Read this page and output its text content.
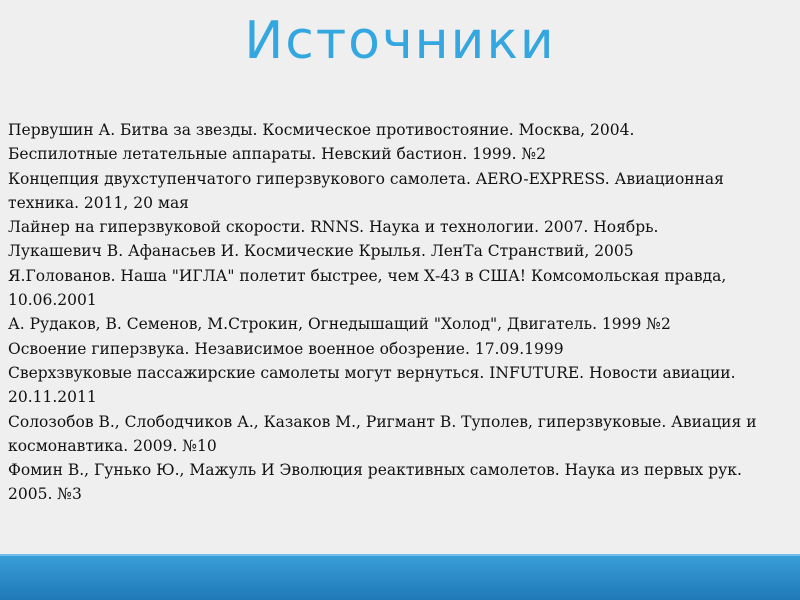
Источники
Первушин А. Битва за звезды. Космическое противостояние. Москва, 2004.
Беспилотные летательные аппараты. Невский бастион. 1999. №2
Концепция двухступенчатого гиперзвукового самолета. AERO-EXPRESS. Авиационная техника. 2011, 20 мая
Лайнер на гиперзвуковой скорости. RNNS. Наука и технологии. 2007. Ноябрь.
Лукашевич В. Афанасьев И. Космические Крылья. ЛенТа Странствий, 2005
Я.Голованов. Наша "ИГЛА" полетит быстрее, чем Х-43 в США! Комсомольская правда, 10.06.2001
А. Рудаков, В. Семенов, М.Строкин, Огнедышащий "Холод", Двигатель. 1999 №2
Освоение гиперзвука. Независимое военное обозрение. 17.09.1999
Сверхзвуковые пассажирские самолеты могут вернуться. INFUTURE. Новости авиации. 20.11.2011
Солозобов В., Слободчиков А., Казаков М., Ригмант В. Туполев, гиперзвуковые. Авиация и космонавтика. 2009. №10
Фомин В., Гунько Ю., Мажуль И Эволюция реактивных самолетов. Наука из первых рук. 2005. №3
